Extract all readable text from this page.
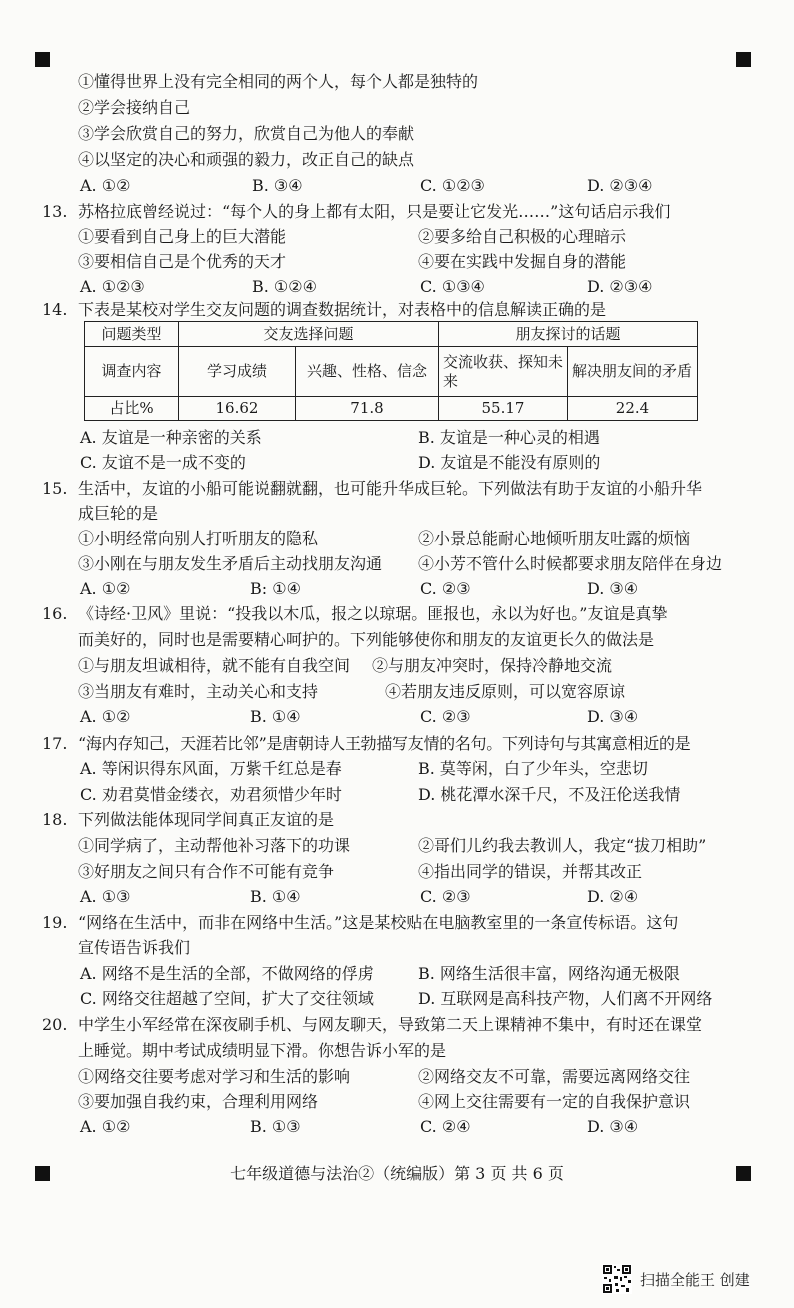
①懂得世界上没有完全相同的两个人，每个人都是独特的
②学会接纳自己
③学会欣赏自己的努力，欣赏自己为他人的奉献
④以坚定的决心和顽强的毅力，改正自己的缺点
A. ①②	B. ③④	C. ①②③	D. ②③④
13. 苏格拉底曾经说过：“每个人的身上都有太阳，只是要让它发光……”这句话启示我们
①要看到自己身上的巨大潜能	②要多给自己积极的心理暗示
③要相信自己是个优秀的天才	④要在实践中发掘自身的潜能
A. ①②③	B. ①②④	C. ①③④	D. ②③④
14. 下表是某校对学生交友问题的调查数据统计，对表格中的信息解读正确的是
问题类型	交友选择问题		朋友探讨的话题	
调查内容	学习成绩	兴趣、性格、信念	交流收获、探知未来	解决朋友间的矛盾
占比%	16.62	71.8	55.17	22.4
A. 友谊是一种亲密的关系	B. 友谊是一种心灵的相遇
C. 友谊不是一成不变的	D. 友谊是不能没有原则的
15. 生活中，友谊的小船可能说翻就翻，也可能升华成巨轮。下列做法有助于友谊的小船升华
成巨轮的是
①小明经常向别人打听朋友的隐私	②小景总能耐心地倾听朋友吐露的烦恼
③小刚在与朋友发生矛盾后主动找朋友沟通 ④小芳不管什么时候都要求朋友陪伴在身边
A. ①②	B: ①④	C. ②③	D. ③④
16. 《诗经·卫风》里说：“投我以木瓜，报之以琼琚。匪报也，永以为好也。”友谊是真挚
而美好的，同时也是需要精心呵护的。下列能够使你和朋友的友谊更长久的做法是
①与朋友坦诚相待，就不能有自我空间 ②与朋友冲突时，保持冷静地交流
③当朋友有难时，主动关心和支持	④若朋友违反原则，可以宽容原谅
A. ①②	B. ①④	C. ②③	D. ③④
17. “海内存知己，天涯若比邻”是唐朝诗人王勃描写友情的名句。下列诗句与其寓意相近的是
A. 等闲识得东风面，万紫千红总是春	B. 莫等闲，白了少年头，空悲切
C. 劝君莫惜金缕衣，劝君须惜少年时	D. 桃花潭水深千尺，不及汪伦送我情
18. 下列做法能体现同学间真正友谊的是
①同学病了，主动帮他补习落下的功课	②哥们儿约我去教训人，我定“拔刀相助”
③好朋友之间只有合作不可能有竞争	④指出同学的错误，并帮其改正
A. ①③	B. ①④	C. ②③	D. ②④
19. “网络在生活中，而非在网络中生活。”这是某校贴在电脑教室里的一条宣传标语。这句
宣传语告诉我们
A. 网络不是生活的全部，不做网络的俘虏	B. 网络生活很丰富，网络沟通无极限
C. 网络交往超越了空间，扩大了交往领域	D. 互联网是高科技产物，人们离不开网络
20. 中学生小军经常在深夜刷手机、与网友聊天，导致第二天上课精神不集中，有时还在课堂
上睡觉。期中考试成绩明显下滑。你想告诉小军的是
①网络交往要考虑对学习和生活的影响	②网络交友不可靠，需要远离网络交往
③要加强自我约束，合理利用网络	④网上交往需要有一定的自我保护意识
A. ①②	B. ①③	C. ②④	D. ③④
七年级道德与法治②（统编版）第 3 页 共 6 页
扫描全能王 创建
